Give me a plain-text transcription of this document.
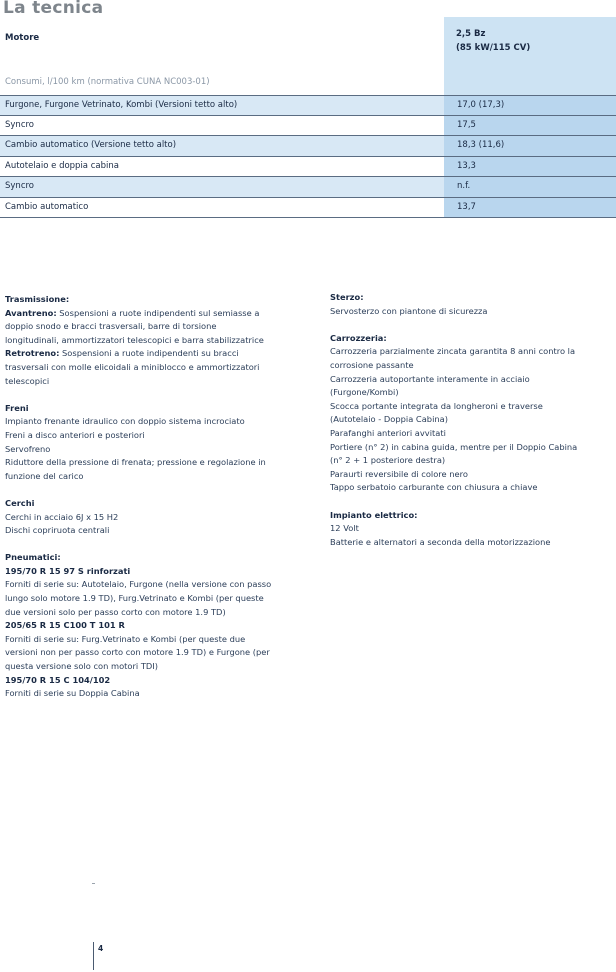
La tecnica
2,5 Bz
(85 kW/115 CV)
Motore
Consumi, l/100 km (normativa CUNA NC003-01)
Furgone, Furgone Vetrinato, Kombi (Versioni tetto alto)	17,0 (17,3)
Syncro	17,5
Cambio automatico (Versione tetto alto)	18,3 (11,6)
Autotelaio e doppia cabina	13,3
Syncro	n.f.
Cambio automatico	13,7
Trasmissione:
Avantreno: Sospensioni a ruote indipendenti sul semiasse a
doppio snodo e bracci trasversali, barre di torsione
longitudinali, ammortizzatori telescopici e barra stabilizzatrice
Retrotreno: Sospensioni a ruote indipendenti su bracci
trasversali con molle elicoidali a miniblocco e ammortizzatori
telescopici
Freni
Impianto frenante idraulico con doppio sistema incrociato
Freni a disco anteriori e posteriori
Servofreno
Riduttore della pressione di frenata; pressione e regolazione in
funzione del carico
Cerchi
Cerchi in acciaio 6J x 15 H2
Dischi copriruota centrali
Pneumatici:
195/70 R 15 97 S rinforzati
Forniti di serie su: Autotelaio, Furgone (nella versione con passo
lungo solo motore 1.9 TD), Furg.Vetrinato e Kombi (per queste
due versioni solo per passo corto con motore 1.9 TD)
205/65 R 15 C100 T 101 R
Forniti di serie su: Furg.Vetrinato e Kombi (per queste due
versioni non per passo corto con motore 1.9 TD) e Furgone (per
questa versione solo con motori TDI)
195/70 R 15 C 104/102
Forniti di serie su Doppia Cabina
Sterzo:
Servosterzo con piantone di sicurezza
Carrozzeria:
Carrozzeria parzialmente zincata garantita 8 anni contro la
corrosione passante
Carrozzeria autoportante interamente in acciaio
(Furgone/Kombi)
Scocca portante integrata da longheroni e traverse
(Autotelaio - Doppia Cabina)
Parafanghi anteriori avvitati
Portiere (n° 2) in cabina guida, mentre per il Doppio Cabina
(n° 2 + 1 posteriore destra)
Paraurti reversibile di colore nero
Tappo serbatoio carburante con chiusura a chiave
Impianto elettrico:
12 Volt
Batterie e alternatori a seconda della motorizzazione
4
